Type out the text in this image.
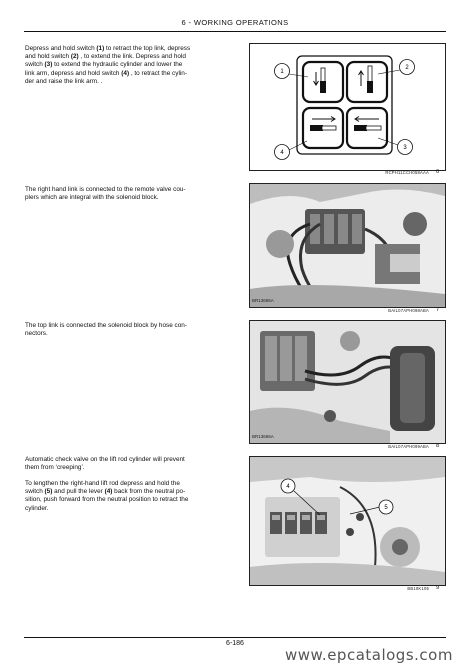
6 - WORKING OPERATIONS
Depress and hold switch (1) to retract the top link, depress
and hold switch (2) , to extend the link. Depress and hold
switch (3) to extend the hydraulic cylinder and lower the
link arm, depress and hold switch (4) , to retract the cylin-
der and raise the link arm. .
The right hand link is connected to the remote valve cou-
plers which are integral with the solenoid block.
The top link is connected the solenoid block by hose con-
nectors.
Automatic check valve on the lift rod cylinder will prevent
them from ‘creeping’.
To lengthen the right-hand lift rod depress and hold the
switch (5) and pull the lever (4) back from the neutral po-
sition, push forward from the neutral position to retract the
cylinder.
1
2
3
4
RCPH11CCH058AAA 6
BR13665A
BAIL07APH098ABA 7
BR13665A
BAIL07APH099ABA 8
4
5
BB10K105 9
6-186
www.epcatalogs.com
